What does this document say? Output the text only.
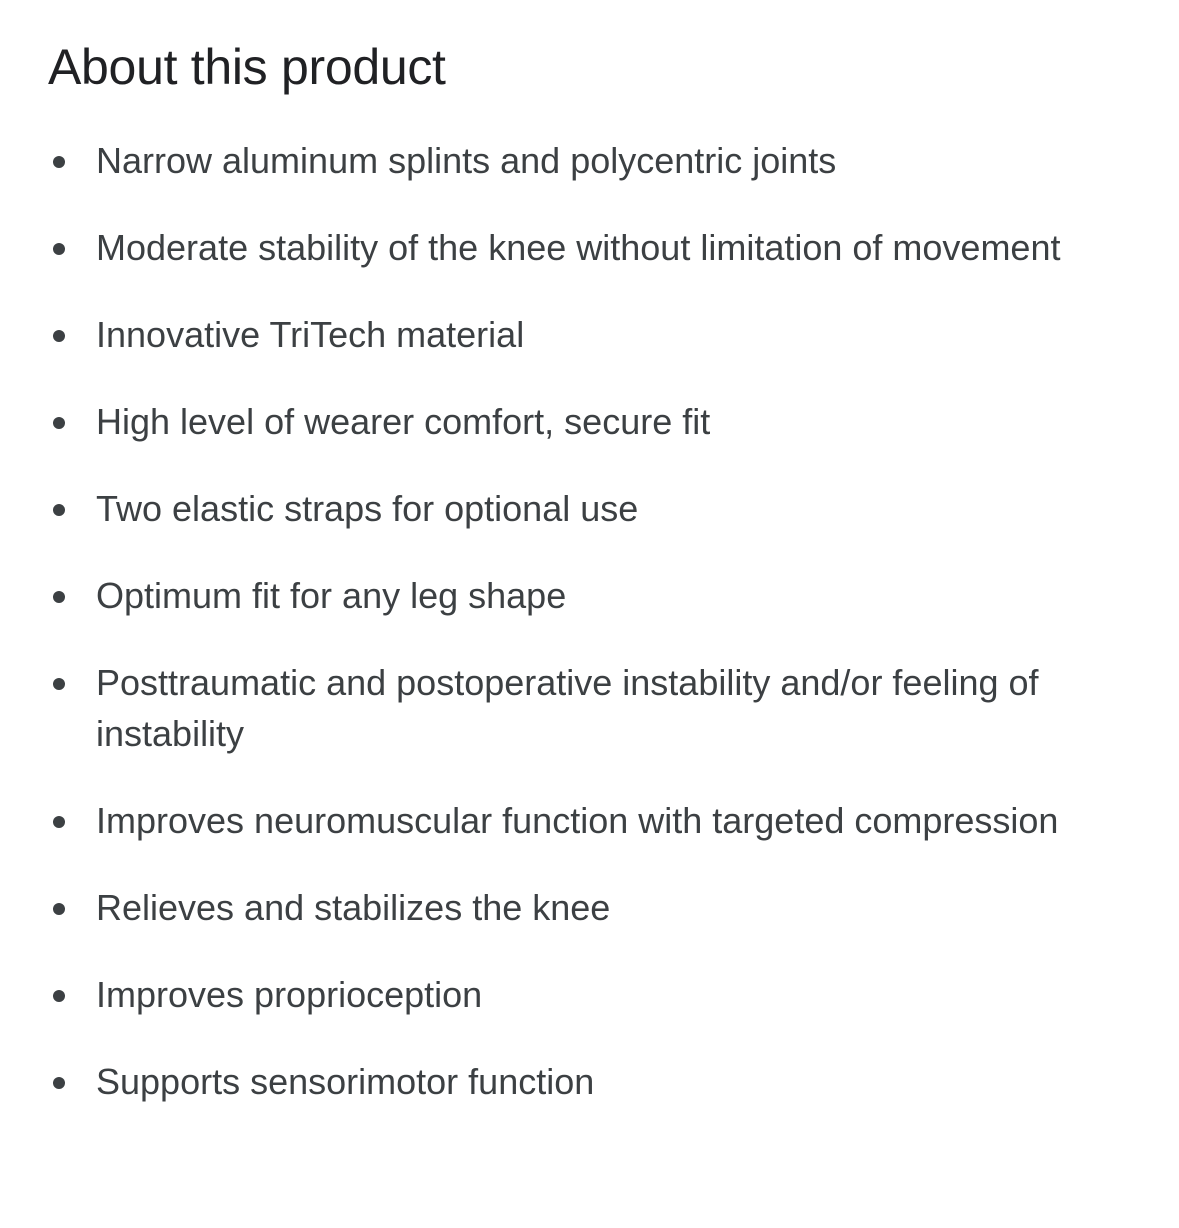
About this product
Narrow aluminum splints and polycentric joints
Moderate stability of the knee without limitation of movement
Innovative TriTech material
High level of wearer comfort, secure fit
Two elastic straps for optional use
Optimum fit for any leg shape
Posttraumatic and postoperative instability and/or feeling of instability
Improves neuromuscular function with targeted compression
Relieves and stabilizes the knee
Improves proprioception
Supports sensorimotor function
